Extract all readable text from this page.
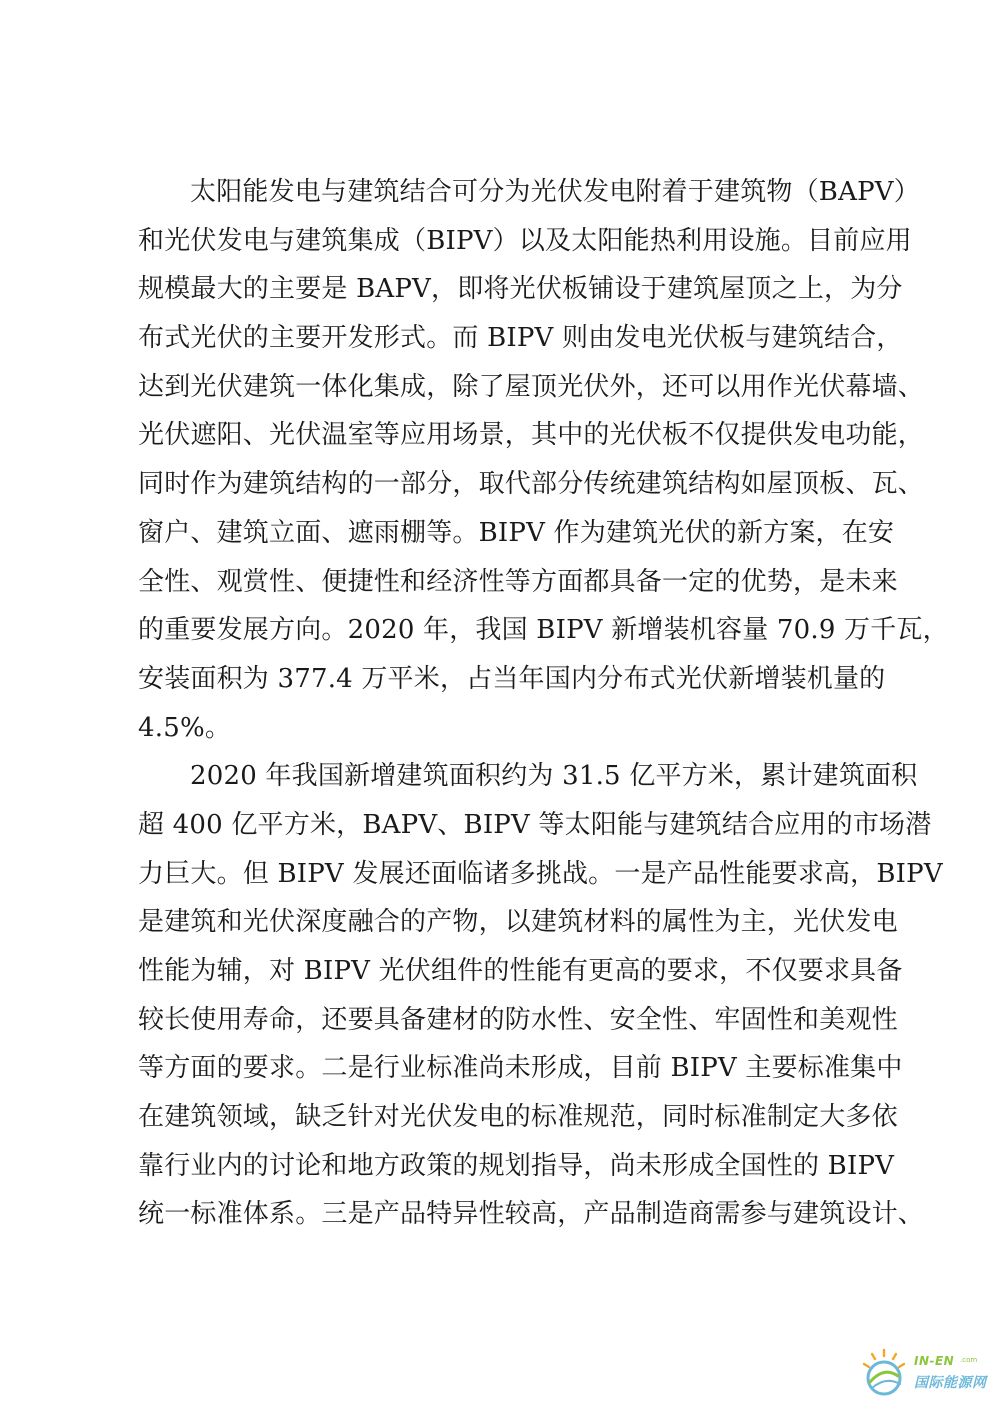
太阳能发电与建筑结合可分为光伏发电附着于建筑物（BAPV）
和光伏发电与建筑集成（BIPV）以及太阳能热利用设施。目前应用
规模最大的主要是 BAPV，即将光伏板铺设于建筑屋顶之上，为分
布式光伏的主要开发形式。而 BIPV 则由发电光伏板与建筑结合，
达到光伏建筑一体化集成，除了屋顶光伏外，还可以用作光伏幕墙、
光伏遮阳、光伏温室等应用场景，其中的光伏板不仅提供发电功能，
同时作为建筑结构的一部分，取代部分传统建筑结构如屋顶板、瓦、
窗户、建筑立面、遮雨棚等。BIPV 作为建筑光伏的新方案，在安
全性、观赏性、便捷性和经济性等方面都具备一定的优势，是未来
的重要发展方向。2020 年，我国 BIPV 新增装机容量 70.9 万千瓦，
安装面积为 377.4 万平米，占当年国内分布式光伏新增装机量的
4.5%。
2020 年我国新增建筑面积约为 31.5 亿平方米，累计建筑面积
超 400 亿平方米，BAPV、BIPV 等太阳能与建筑结合应用的市场潜
力巨大。但 BIPV 发展还面临诸多挑战。一是产品性能要求高，BIPV
是建筑和光伏深度融合的产物，以建筑材料的属性为主，光伏发电
性能为辅，对 BIPV 光伏组件的性能有更高的要求，不仅要求具备
较长使用寿命，还要具备建材的防水性、安全性、牢固性和美观性
等方面的要求。二是行业标准尚未形成，目前 BIPV 主要标准集中
在建筑领域，缺乏针对光伏发电的标准规范，同时标准制定大多依
靠行业内的讨论和地方政策的规划指导，尚未形成全国性的 BIPV
统一标准体系。三是产品特异性较高，产品制造商需参与建筑设计、
IN-EN .com
国际能源网
